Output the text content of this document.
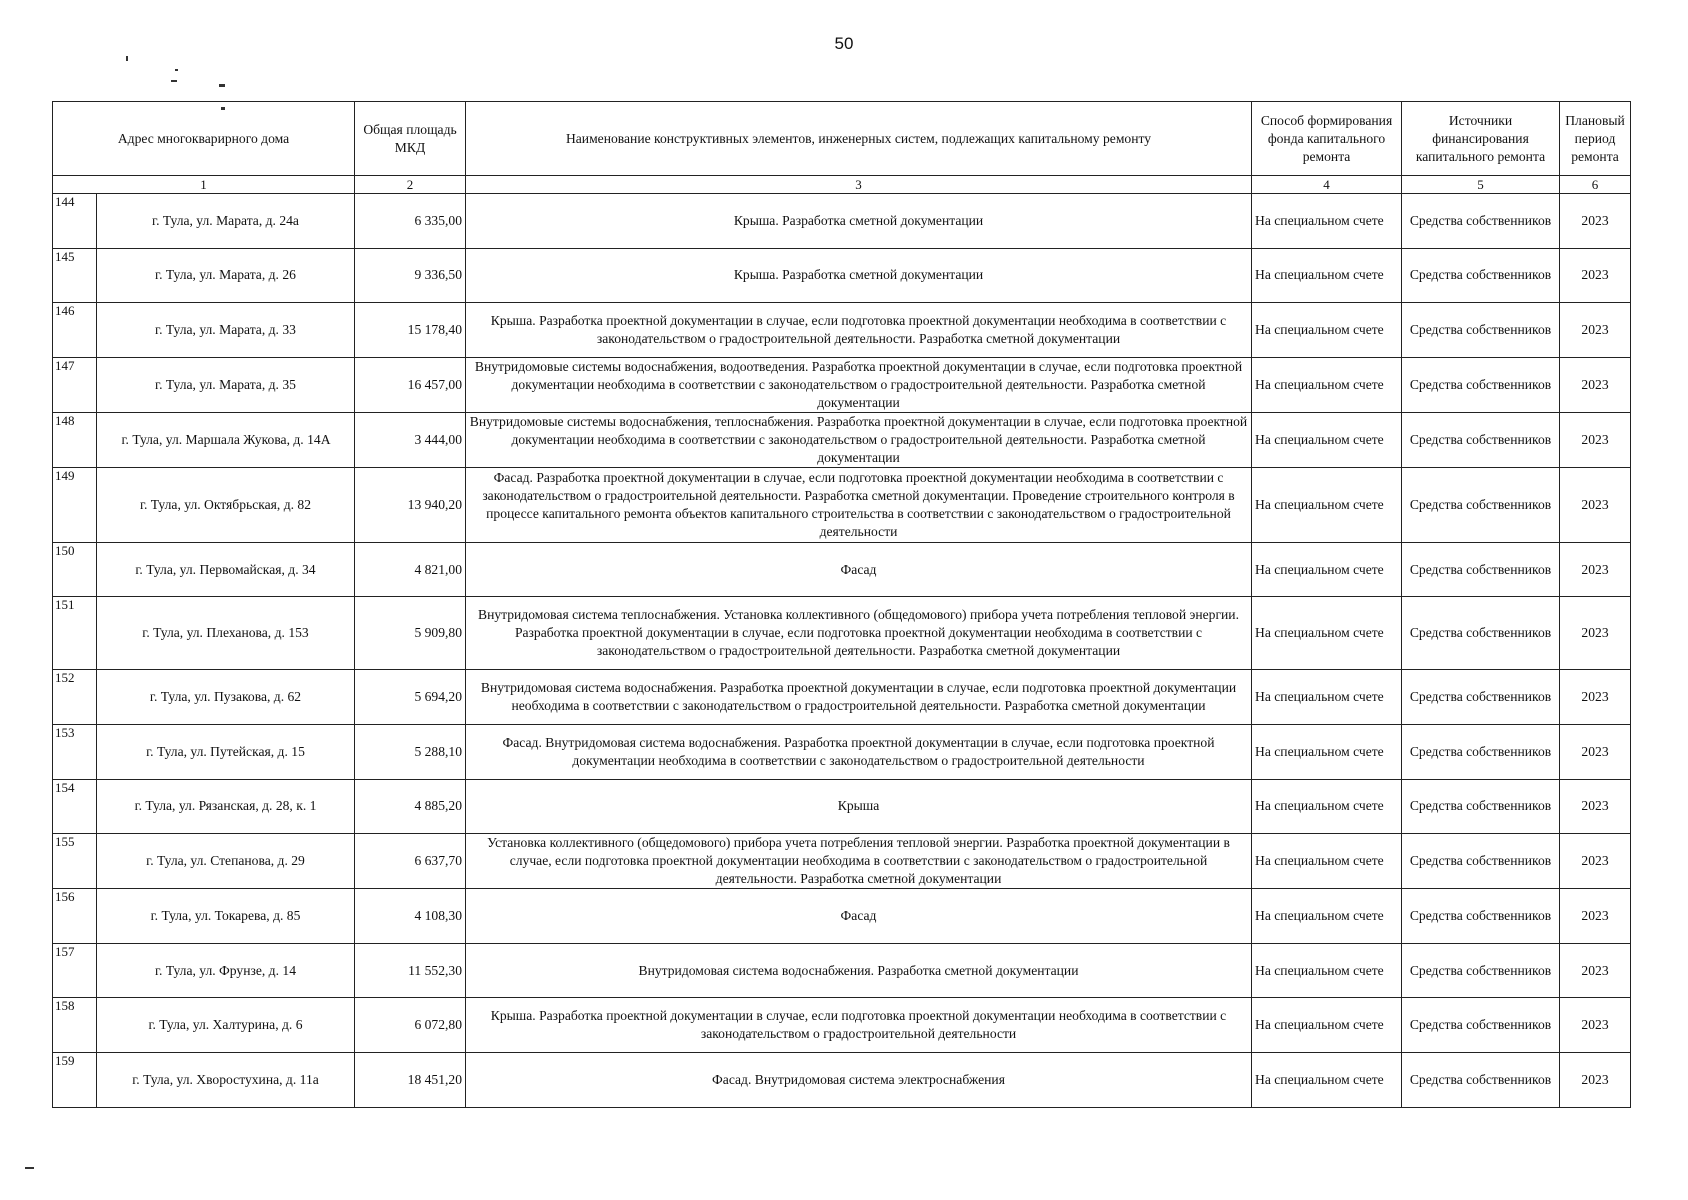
50
Адрес многокварирного дома		Общая площадь МКД	Наименование конструктивных элементов, инженерных систем, подлежащих капитальному ремонту	Способ формирования фонда капитального ремонта	Источники финансирования капитального ремонта	Плановый период ремонта
1		2	3	4	5	6

144	г. Тула, ул. Марата, д. 24а	6 335,00	Крыша. Разработка сметной документации	На специальном счете	Средства собственников	2023

145	г. Тула, ул. Марата, д. 26	9 336,50	Крыша. Разработка сметной документации	На специальном счете	Средства собственников	2023

146	г. Тула, ул. Марата, д. 33	15 178,40	Крыша. Разработка проектной документации в случае, если подготовка проектной документации необходима в соответствии с законодательством о градостроительной деятельности. Разработка сметной документации	На специальном счете	Средства собственников	2023

147	г. Тула, ул. Марата, д. 35	16 457,00	Внутридомовые системы водоснабжения, водоотведения. Разработка проектной документации в случае, если подготовка проектной документации необходима в соответствии с законодательством о градостроительной деятельности. Разработка сметной документации	На специальном счете	Средства собственников	2023

148	г. Тула, ул. Маршала Жукова, д. 14А	3 444,00	Внутридомовые системы водоснабжения, теплоснабжения. Разработка проектной документации в случае, если подготовка проектной документации необходима в соответствии с законодательством о градостроительной деятельности. Разработка сметной документации	На специальном счете	Средства собственников	2023

149	г. Тула, ул. Октябрьская, д. 82	13 940,20	Фасад. Разработка проектной документации в случае, если подготовка проектной документации необходима в соответствии с законодательством о градостроительной деятельности. Разработка сметной документации. Проведение строительного контроля в процессе капитального ремонта объектов капитального строительства в соответствии с законодательством о градостроительной деятельности	На специальном счете	Средства собственников	2023

150	г. Тула, ул. Первомайская, д. 34	4 821,00	Фасад	На специальном счете	Средства собственников	2023

151	г. Тула, ул. Плеханова, д. 153	5 909,80	Внутридомовая система теплоснабжения. Установка коллективного (общедомового) прибора учета потребления тепловой энергии. Разработка проектной документации в случае, если подготовка проектной документации необходима в соответствии с законодательством о градостроительной деятельности. Разработка сметной документации	На специальном счете	Средства собственников	2023

152	г. Тула, ул. Пузакова, д. 62	5 694,20	Внутридомовая система водоснабжения. Разработка проектной документации в случае, если подготовка проектной документации необходима в соответствии с законодательством о градостроительной деятельности. Разработка сметной документации	На специальном счете	Средства собственников	2023

153	г. Тула, ул. Путейская, д. 15	5 288,10	Фасад. Внутридомовая система водоснабжения. Разработка проектной документации в случае, если подготовка проектной документации необходима в соответствии с законодательством о градостроительной деятельности	На специальном счете	Средства собственников	2023

154	г. Тула, ул. Рязанская, д. 28, к. 1	4 885,20	Крыша	На специальном счете	Средства собственников	2023

155	г. Тула, ул. Степанова, д. 29	6 637,70	Установка коллективного (общедомового) прибора учета потребления тепловой энергии. Разработка проектной документации в случае, если подготовка проектной документации необходима в соответствии с законодательством о градостроительной деятельности. Разработка сметной документации	На специальном счете	Средства собственников	2023

156	г. Тула, ул. Токарева, д. 85	4 108,30	Фасад	На специальном счете	Средства собственников	2023

157	г. Тула, ул. Фрунзе, д. 14	11 552,30	Внутридомовая система водоснабжения. Разработка сметной документации	На специальном счете	Средства собственников	2023

158	г. Тула, ул. Халтурина, д. 6	6 072,80	Крыша. Разработка проектной документации в случае, если подготовка проектной документации необходима в соответствии с законодательством о градостроительной деятельности	На специальном счете	Средства собственников	2023

159	г. Тула, ул. Хворостухина, д. 11а	18 451,20	Фасад. Внутридомовая система электроснабжения	На специальном счете	Средства собственников	2023
